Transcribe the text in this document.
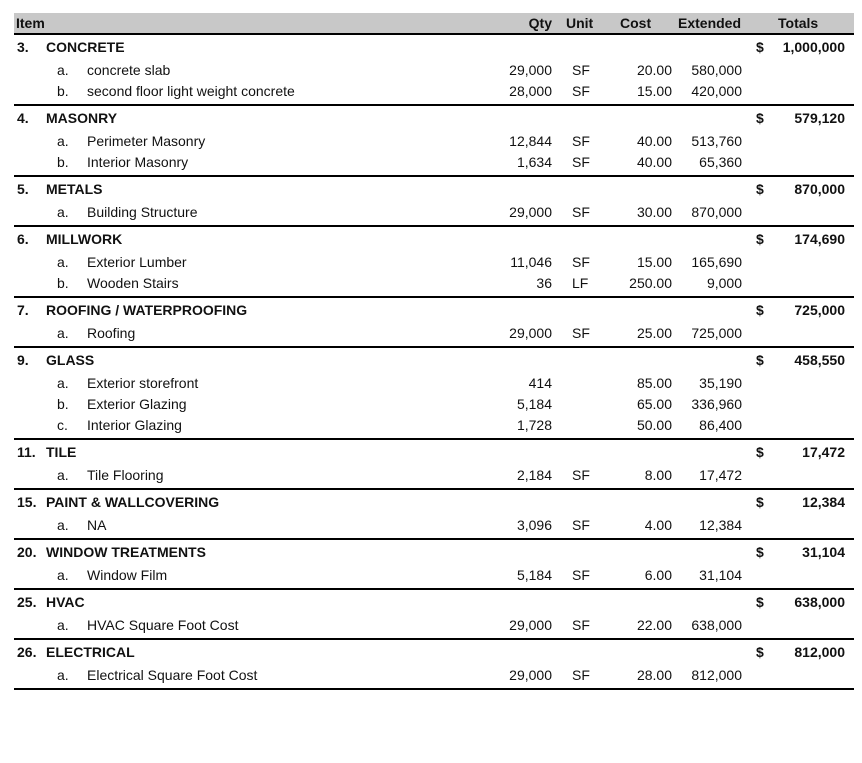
Item	Qty Unit Cost Extended	Totals
3. CONCRETE	$ 1,000,000
a. concrete slab	29,000 SF	20.00 580,000
b. second floor light weight concrete	28,000 SF	15.00 420,000
4. MASONRY	$ 579,120
a. Perimeter Masonry	12,844 SF	40.00 513,760
b. Interior Masonry	1,634 SF	40.00 65,360
5. METALS	$ 870,000
a. Building Structure	29,000 SF	30.00 870,000
6. MILLWORK	$ 174,690
a. Exterior Lumber	11,046 SF	15.00 165,690
b. Wooden Stairs	36 LF	250.00 9,000
7. ROOFING / WATERPROOFING	$ 725,000
a. Roofing	29,000 SF	25.00 725,000
9. GLASS	$ 458,550
a. Exterior storefront	414	85.00 35,190
b. Exterior Glazing	5,184	65.00 336,960
c. Interior Glazing	1,728	50.00 86,400
11. TILE	$	17,472
a. Tile Flooring	2,184 SF	8.00 17,472
15. PAINT & WALLCOVERING	$	12,384
a. NA	3,096 SF	4.00 12,384
20. WINDOW TREATMENTS	$	31,104
a. Window Film	5,184 SF	6.00 31,104
25. HVAC	$ 638,000
a. HVAC Square Foot Cost	29,000 SF	22.00 638,000
26. ELECTRICAL	$ 812,000
a. Electrical Square Foot Cost	29,000 SF	28.00 812,000
